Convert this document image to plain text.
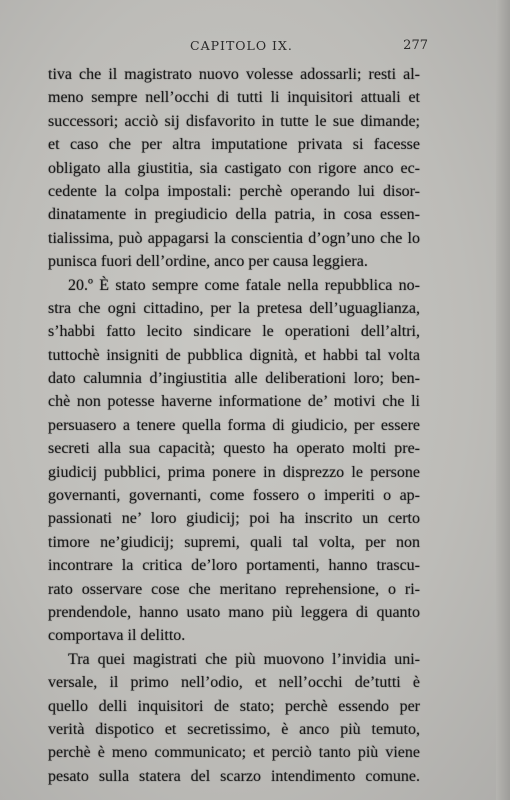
CAPITOLO IX.	277
tiva che il magistrato nuovo volesse adossarli; resti al-
meno sempre nell’occhi di tutti li inquisitori attuali et
successori; acciò sij disfavorito in tutte le sue dimande;
et caso che per altra imputatione privata si facesse
obligato alla giustitia, sia castigato con rigore anco ec-
cedente la colpa impostali: perchè operando lui disor-
dinatamente in pregiudicio della patria, in cosa essen-
tialissima, può appagarsi la conscientia d’ogn’uno che lo
punisca fuori dell’ordine, anco per causa leggiera.
20.º È stato sempre come fatale nella repubblica no-
stra che ogni cittadino, per la pretesa dell’uguaglianza,
s’habbi fatto lecito sindicare le operationi dell’altri,
tuttochè insigniti de pubblica dignità, et habbi tal volta
dato calumnia d’ingiustitia alle deliberationi loro; ben-
chè non potesse haverne informatione de’ motivi che li
persuasero a tenere quella forma di giudicio, per essere
secreti alla sua capacità; questo ha operato molti pre-
giudicij pubblici, prima ponere in disprezzo le persone
governanti, governanti, come fossero o imperiti o ap-
passionati ne’ loro giudicij; poi ha inscrito un certo
timore ne’giudicij; supremi, quali tal volta, per non
incontrare la critica de’loro portamenti, hanno trascu-
rato osservare cose che meritano reprehensione, o ri-
prendendole, hanno usato mano più leggera di quanto
comportava il delitto.
Tra quei magistrati che più muovono l’invidia uni-
versale, il primo nell’odio, et nell’occhi de’tutti è
quello delli inquisitori de stato; perchè essendo per
verità dispotico et secretissimo, è anco più temuto,
perchè è meno communicato; et perciò tanto più viene
pesato sulla statera del scarzo intendimento comune.
